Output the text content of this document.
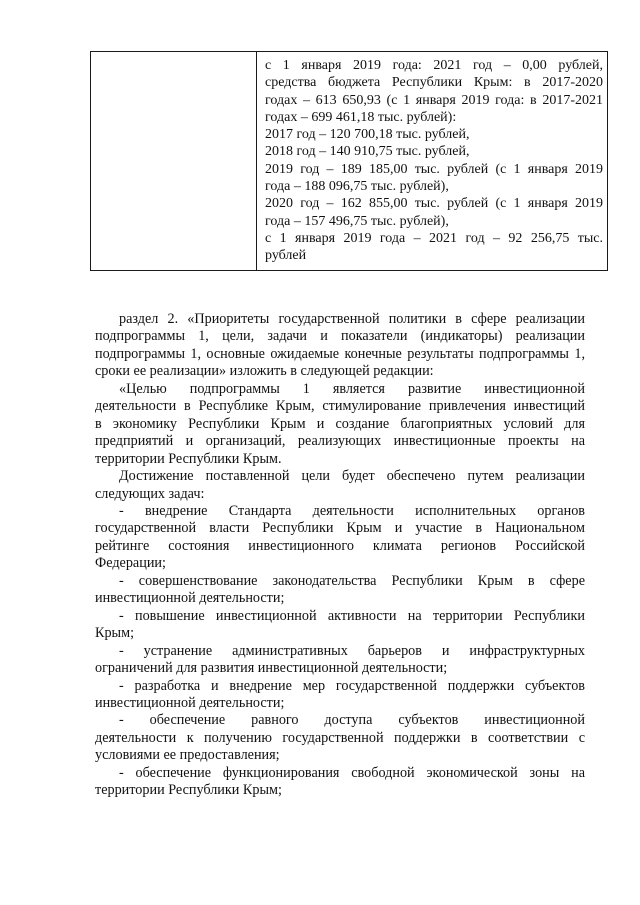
с 1 января 2019 года: 2021 год – 0,00 рублей,
средства бюджета Республики Крым: в 2017-2020
годах – 613 650,93 (с 1 января 2019 года: в 2017-2021
годах – 699 461,18 тыс. рублей):
2017 год – 120 700,18 тыс. рублей,
2018 год – 140 910,75 тыс. рублей,
2019 год – 189 185,00 тыс. рублей (с 1 января 2019
года – 188 096,75 тыс. рублей),
2020 год – 162 855,00 тыс. рублей (с 1 января 2019
года – 157 496,75 тыс. рублей),
с 1 января 2019 года – 2021 год – 92 256,75 тыс.
рублей
раздел 2. «Приоритеты государственной политики в сфере реализации
подпрограммы 1, цели, задачи и показатели (индикаторы) реализации
подпрограммы 1, основные ожидаемые конечные результаты подпрограммы 1,
сроки ее реализации» изложить в следующей редакции:
«Целью подпрограммы 1 является развитие инвестиционной
деятельности в Республике Крым, стимулирование привлечения инвестиций
в экономику Республики Крым и создание благоприятных условий для
предприятий и организаций, реализующих инвестиционные проекты на
территории Республики Крым.
Достижение поставленной цели будет обеспечено путем реализации
следующих задач:
- внедрение Стандарта деятельности исполнительных органов
государственной власти Республики Крым и участие в Национальном
рейтинге состояния инвестиционного климата регионов Российской
Федерации;
- совершенствование законодательства Республики Крым в сфере
инвестиционной деятельности;
- повышение инвестиционной активности на территории Республики
Крым;
- устранение административных барьеров и инфраструктурных
ограничений для развития инвестиционной деятельности;
- разработка и внедрение мер государственной поддержки субъектов
инвестиционной деятельности;
- обеспечение равного доступа субъектов инвестиционной
деятельности к получению государственной поддержки в соответствии с
условиями ее предоставления;
- обеспечение функционирования свободной экономической зоны на
территории Республики Крым;
